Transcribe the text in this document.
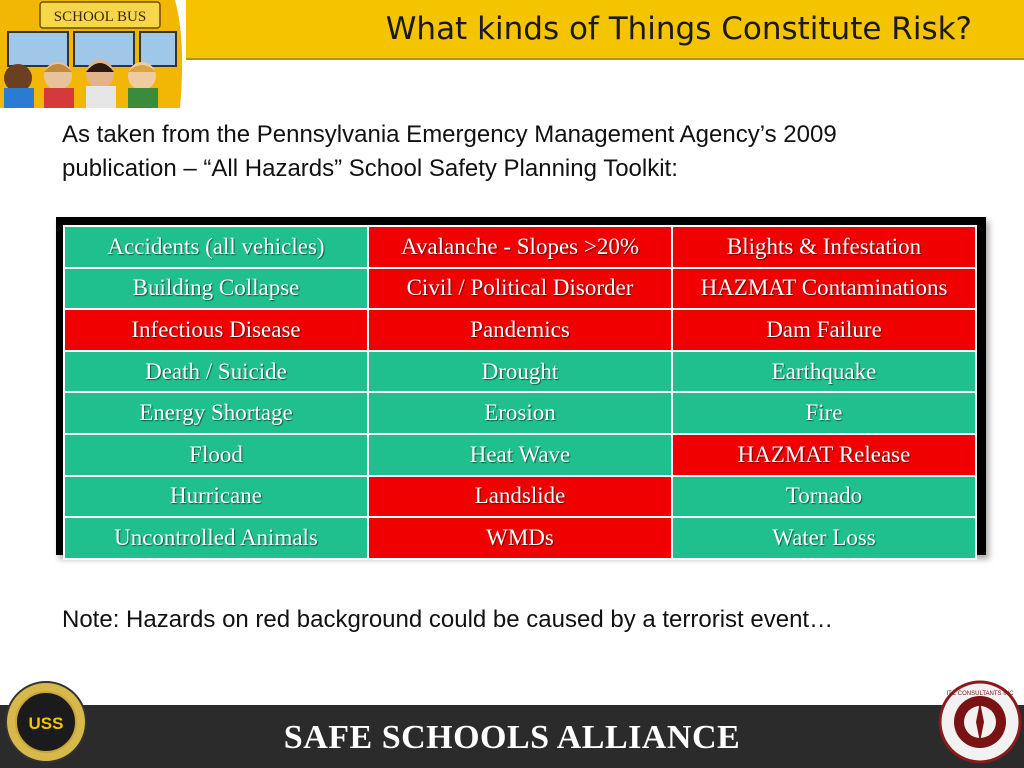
What kinds of Things Constitute Risk?
SCHOOL BUS
As taken from the Pennsylvania Emergency Management Agency’s 2009 publication – “All Hazards” School Safety Planning Toolkit:
Accidents (all vehicles)	Avalanche - Slopes >20%	Blights & Infestation
Building Collapse	Civil / Political Disorder	HAZMAT Contaminations
Infectious Disease	Pandemics	Dam Failure
Death / Suicide	Drought	Earthquake
Energy Shortage	Erosion	Fire
Flood	Heat Wave	HAZMAT Release
Hurricane	Landslide	Tornado
Uncontrolled Animals	WMDs	Water Loss
Note: Hazards on red background could be caused by a terrorist event…
SAFE SCHOOLS ALLIANCE
USS
ITC CONSULTANTS INC
